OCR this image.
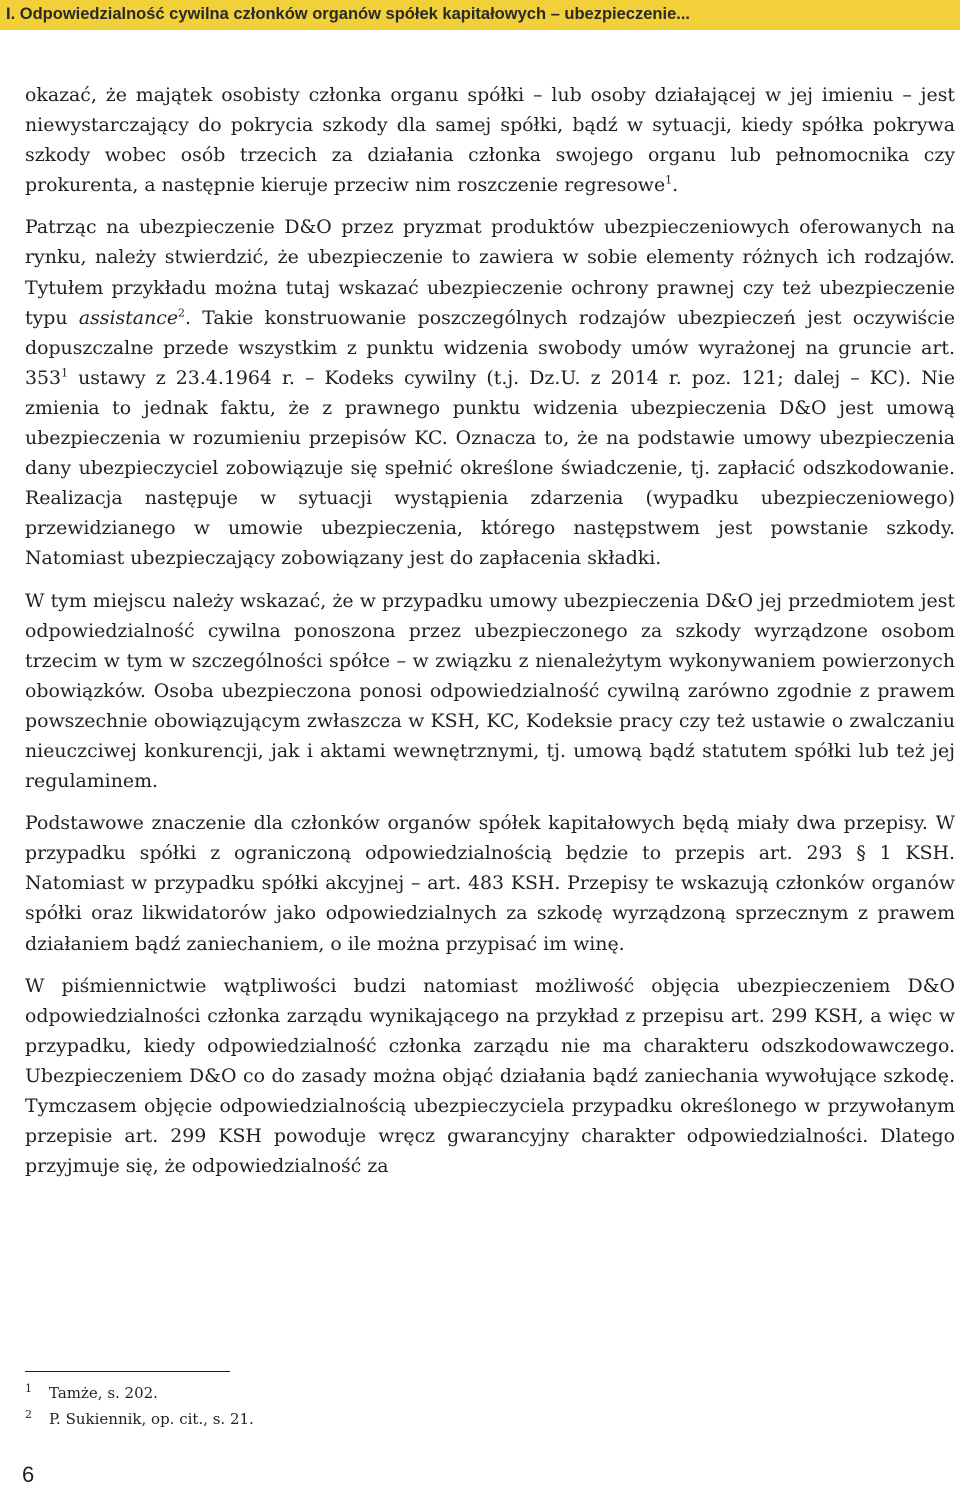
I. Odpowiedzialność cywilna członków organów spółek kapitałowych – ubezpieczenie...

okazać, że majątek osobisty członka organu spółki – lub osoby działającej w jej imieniu – jest niewystarczający do pokrycia szkody dla samej spółki, bądź w sytuacji, kiedy spółka pokrywa szkody wobec osób trzecich za działania członka swojego organu lub pełnomocnika czy prokurenta, a następnie kieruje przeciw nim roszczenie regresowe$^1$.

Patrząc na ubezpieczenie D&O przez pryzmat produktów ubezpieczeniowych oferowanych na rynku, należy stwierdzić, że ubezpieczenie to zawiera w sobie elementy różnych ich rodzajów. Tytułem przykładu można tutaj wskazać ubezpieczenie ochrony prawnej czy też ubezpieczenie typu assistance$^2$. Takie konstruowanie poszczególnych rodzajów ubezpieczeń jest oczywiście dopuszczalne przede wszystkim z punktu widzenia swobody umów wyrażonej na gruncie art. 353$^1$ ustawy z 23.4.1964 r. – Kodeks cywilny (t.j. Dz.U. z 2014 r. poz. 121; dalej – KC). Nie zmienia to jednak faktu, że z prawnego punktu widzenia ubezpieczenia D&O jest umową ubezpieczenia w rozumieniu przepisów KC. Oznacza to, że na podstawie umowy ubezpieczenia dany ubezpieczyciel zobowiązuje się spełnić określone świadczenie, tj. zapłacić odszkodowanie. Realizacja następuje w sytuacji wystąpienia zdarzenia (wypadku ubezpieczeniowego) przewidzianego w umowie ubezpieczenia, którego następstwem jest powstanie szkody. Natomiast ubezpieczający zobowiązany jest do zapłacenia składki.

W tym miejscu należy wskazać, że w przypadku umowy ubezpieczenia D&O jej przedmiotem jest odpowiedzialność cywilna ponoszona przez ubezpieczonego za szkody wyrządzone osobom trzecim w tym w szczególności spółce – w związku z nienależytym wykonywaniem powierzonych obowiązków. Osoba ubezpieczona ponosi odpowiedzialność cywilną zarówno zgodnie z prawem powszechnie obowiązującym zwłaszcza w KSH, KC, Kodeksie pracy czy też ustawie o zwalczaniu nieuczciwej konkurencji, jak i aktami wewnętrznymi, tj. umową bądź statutem spółki lub też jej regulaminem.

Podstawowe znaczenie dla członków organów spółek kapitałowych będą miały dwa przepisy. W przypadku spółki z ograniczoną odpowiedzialnością będzie to przepis art. 293 § 1 KSH. Natomiast w przypadku spółki akcyjnej – art. 483 KSH. Przepisy te wskazują członków organów spółki oraz likwidatorów jako odpowiedzialnych za szkodę wyrządzoną sprzecznym z prawem działaniem bądź zaniechaniem, o ile można przypisać im winę.

W piśmiennictwie wątpliwości budzi natomiast możliwość objęcia ubezpieczeniem D&O odpowiedzialności członka zarządu wynikającego na przykład z przepisu art. 299 KSH, a więc w przypadku, kiedy odpowiedzialność członka zarządu nie ma charakteru odszkodowawczego. Ubezpieczeniem D&O co do zasady można objąć działania bądź zaniechania wywołujące szkodę. Tymczasem objęcie odpowiedzialnością ubezpieczyciela przypadku określonego w przywołanym przepisie art. 299 KSH powoduje wręcz gwarancyjny charakter odpowiedzialności. Dlatego przyjmuje się, że odpowiedzialność za

1	Tamże, s. 202.
2	P. Sukiennik, op. cit., s. 21.
6
